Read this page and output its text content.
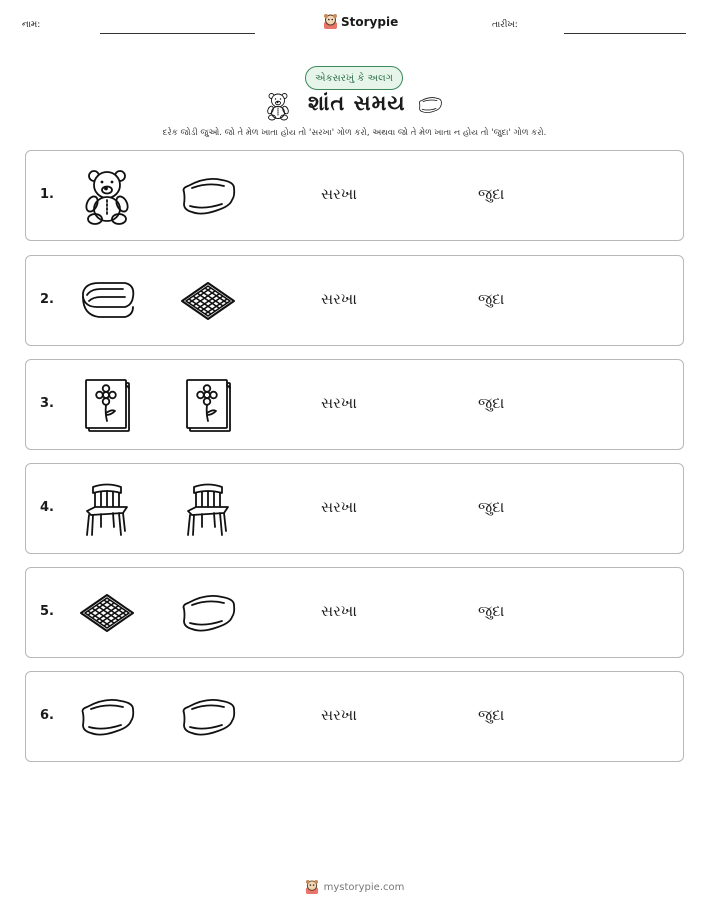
નામ:	Storypie	તારીખ:
એકસરખું કે અલગ
શાંત સમય
દરેક જોડી જુઓ. જો તે મેળ ખાતા હોય તો 'સરખા' ગોળ કરો, અથવા જો તે મેળ ખાતા ન હોય તો 'જુદા' ગોળ કરો.
1.	સરખા	જુદા
2.	સરખા	જુદા
3.	સરખા	જુદા
4.	સરખા	જુદા
5.	સરખા	જુદા
6.	સરખા	જુદા
mystorypie.com
